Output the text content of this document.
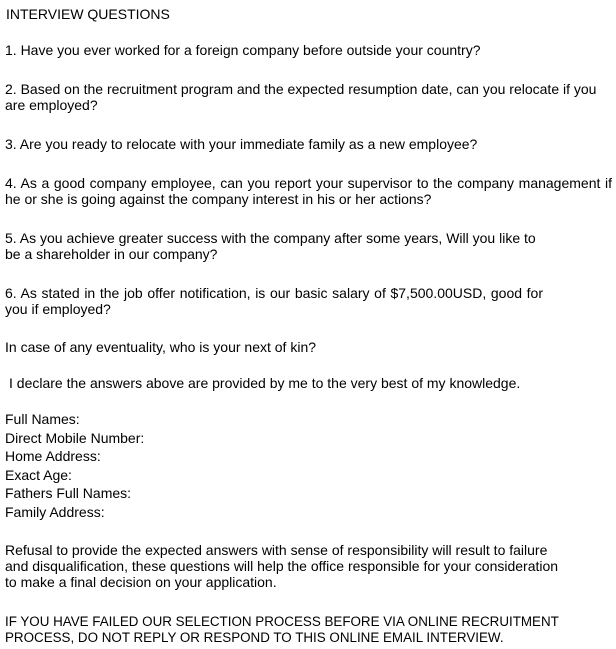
INTERVIEW QUESTIONS

1. Have you ever worked for a foreign company before outside your country?

2. Based on the recruitment program and the expected resumption date, can you relocate if you are employed?

3. Are you ready to relocate with your immediate family as a new employee?

4. As a good company employee, can you report your supervisor to the company management if he or she is going against the company interest in his or her actions?

5. As you achieve greater success with the company after some years, Will you like to be a shareholder in our company?

6. As stated in the job offer notification, is our basic salary of $7,500.00USD, good for you if employed?

In case of any eventuality, who is your next of kin?

I declare the answers above are provided by me to the very best of my knowledge.

Full Names:
Direct Mobile Number:
Home Address:
Exact Age:
Fathers Full Names:
Family Address:

Refusal to provide the expected answers with sense of responsibility will result to failure and disqualification, these questions will help the office responsible for your consideration to make a final decision on your application.

IF YOU HAVE FAILED OUR SELECTION PROCESS BEFORE VIA ONLINE RECRUITMENT PROCESS, DO NOT REPLY OR RESPOND TO THIS ONLINE EMAIL INTERVIEW.
